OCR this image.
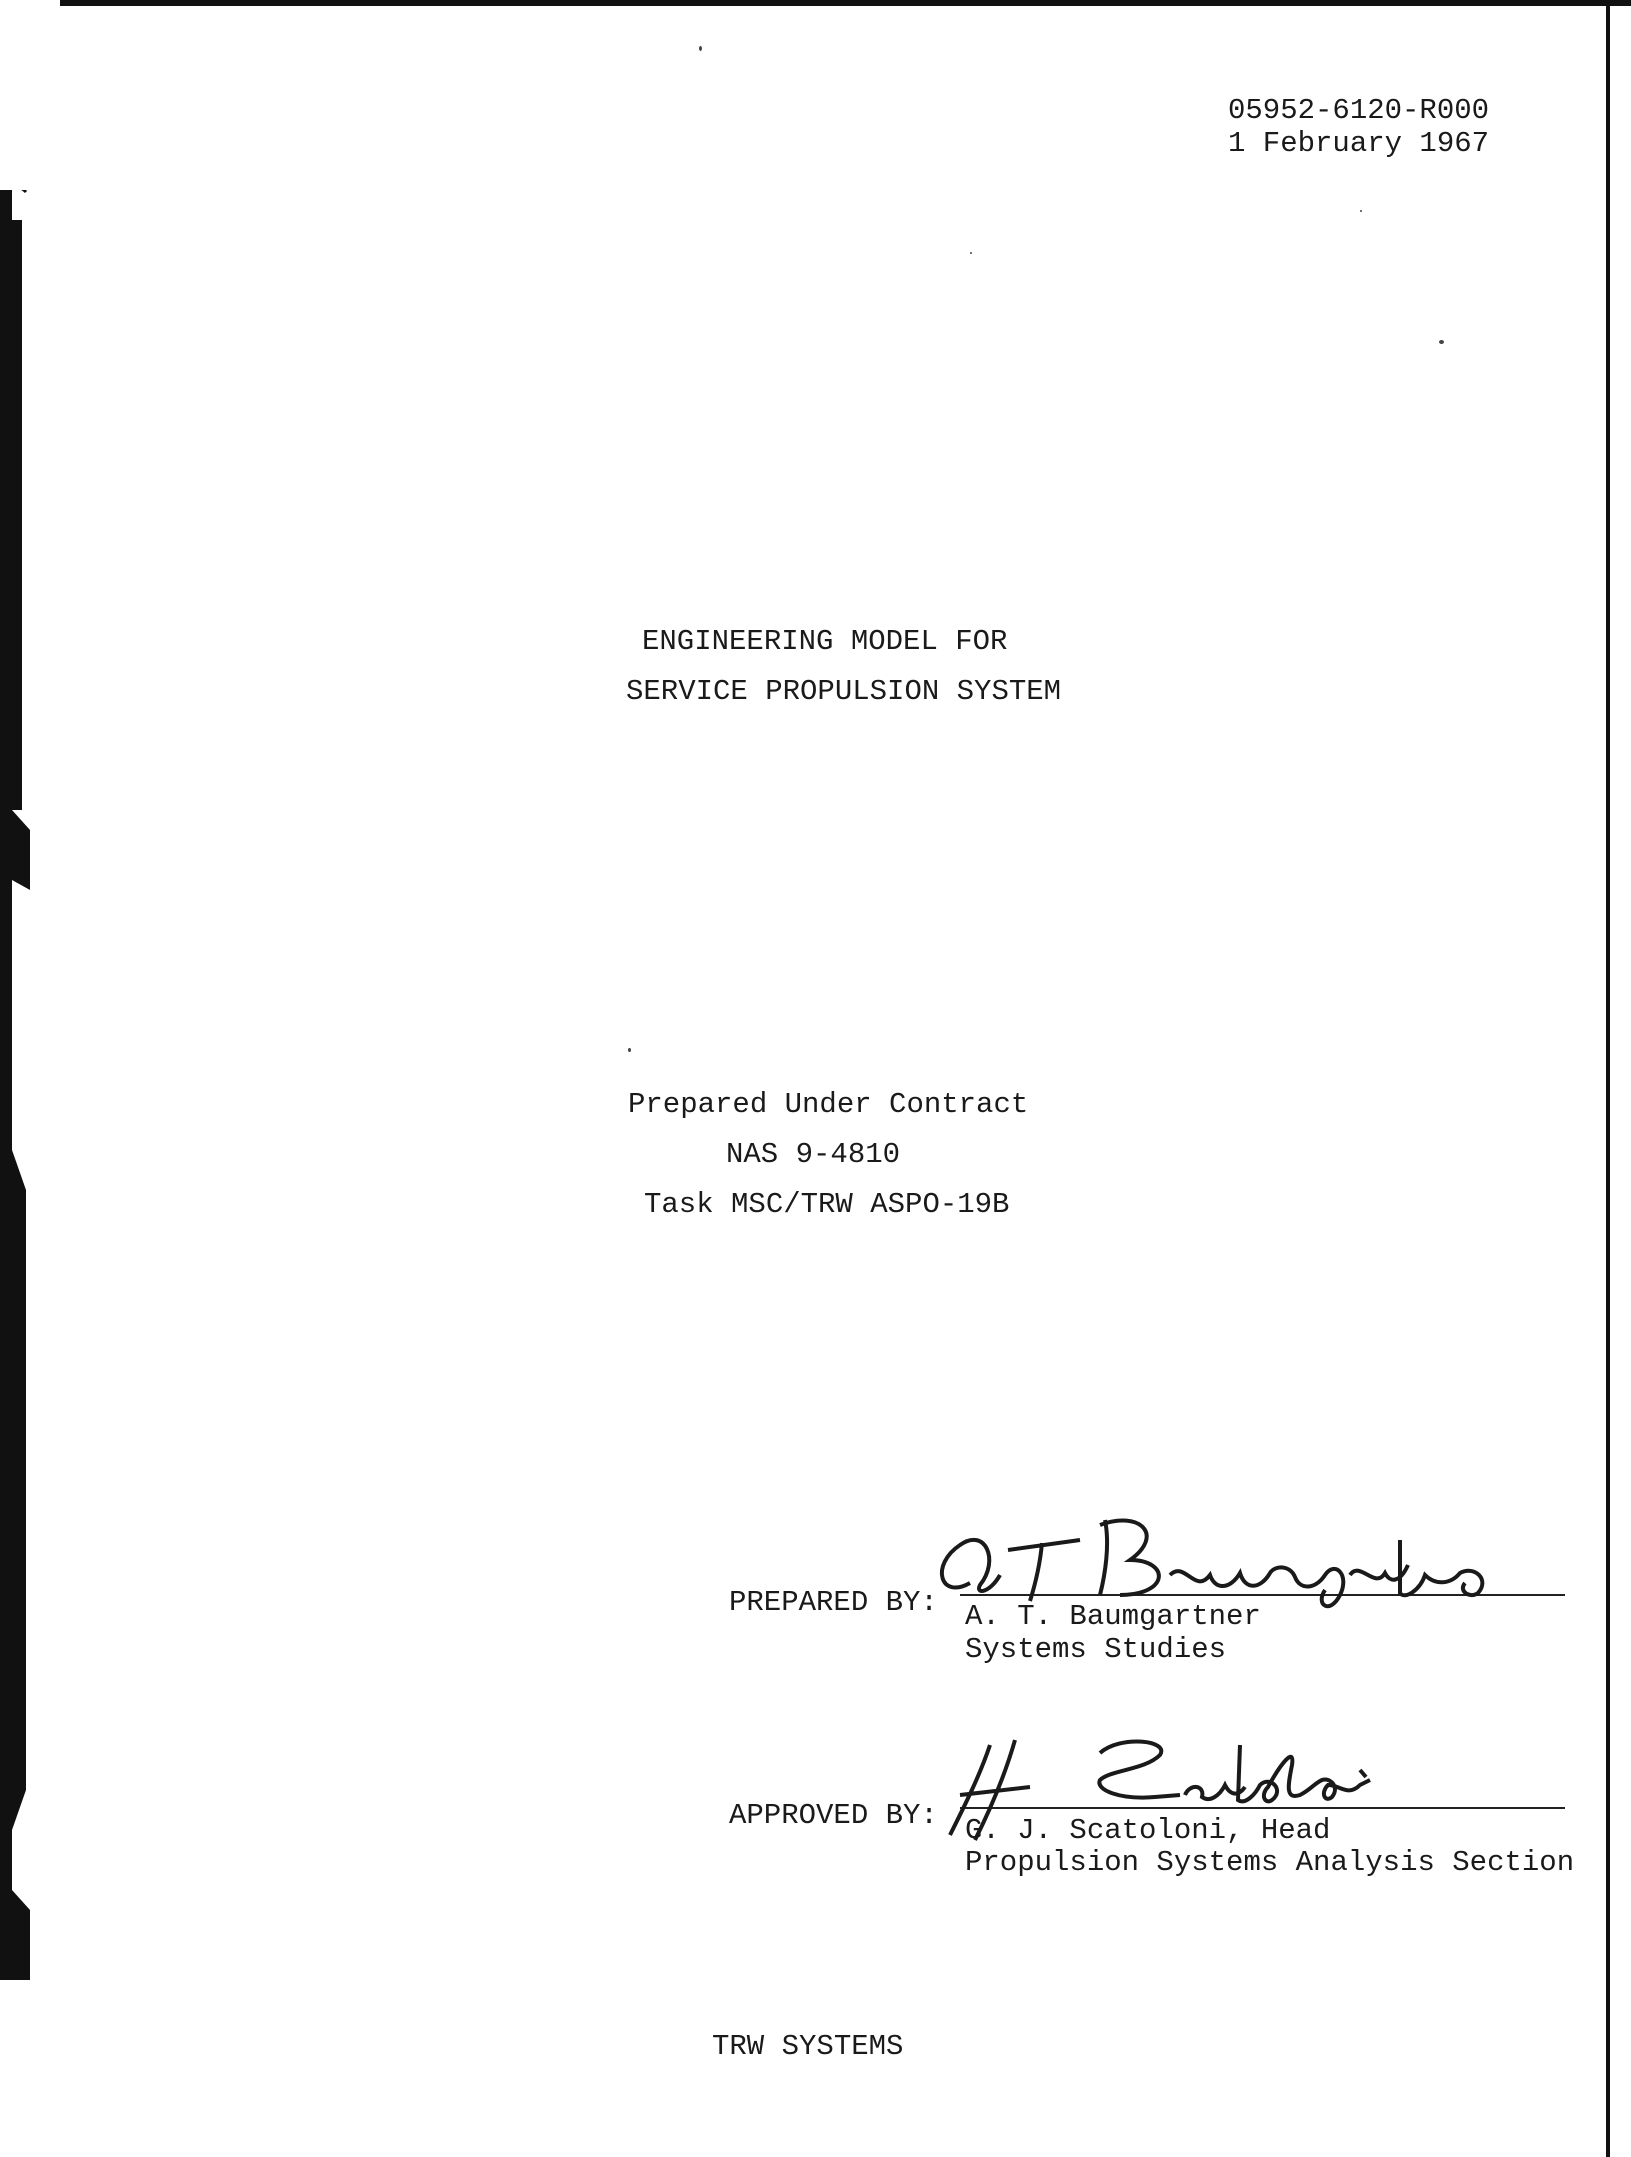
05952-6120-R000
1 February 1967
ENGINEERING MODEL FOR
SERVICE PROPULSION SYSTEM
Prepared Under Contract
NAS 9-4810
Task MSC/TRW ASPO-19B
PREPARED BY: A. T. Baumgartner
Systems Studies
APPROVED BY: G. J. Scatoloni, Head
Propulsion Systems Analysis Section
TRW SYSTEMS
